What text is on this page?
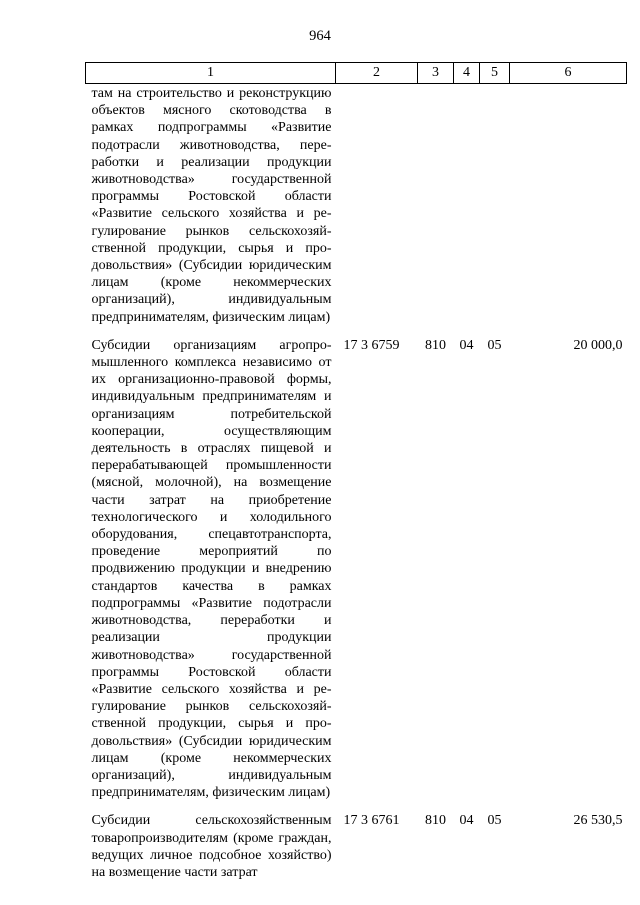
964
1	2	3	4	5	6
там на строительство и реконструкцию объектов мясного скотоводства в рамках подпрограммы «Развитие подотрасли животноводства, переработки и реализации продукции животноводства» государственной программы Ростовской области «Развитие сельского хозяйства и регулирование рынков сельскохозяйственной продукции, сырья и продовольствия» (Субсидии юридическим лицам (кроме некоммерческих организаций), индивидуальным предпринимателям, физическим лицам)					

Субсидии организациям агропромышленного комплекса независимо от их организационно-правовой формы, индивидуальным предпринимателям и организациям потребительской кооперации, осуществляющим деятельность в отраслях пищевой и перерабатывающей промышленности (мясной, молочной), на возмещение части затрат на приобретение технологического и холодильного оборудования, спецавтотранспорта, проведение мероприятий по продвижению продукции и внедрению стандартов качества в рамках подпрограммы «Развитие подотрасли животноводства, переработки и реализации продукции животноводства» государственной программы Ростовской области «Развитие сельского хозяйства и регулирование рынков сельскохозяйственной продукции, сырья и продовольствия» (Субсидии юридическим лицам (кроме некоммерческих организаций), индивидуальным предпринимателям, физическим лицам)	17 3 6759	810	04	05	20 000,0

Субсидии сельскохозяйственным товаропроизводителям (кроме граждан, ведущих личное подсобное хозяйство) на возмещение части затрат	17 3 6761	810	04	05	26 530,5
